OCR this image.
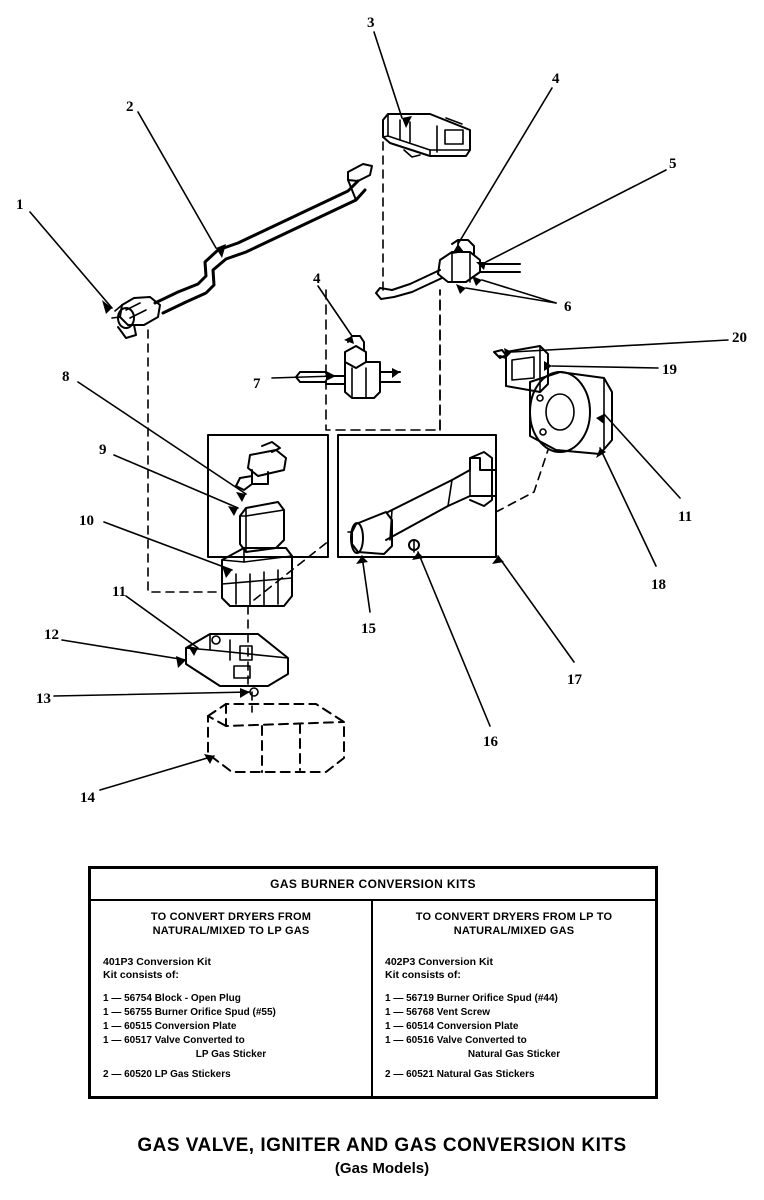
1
2
3
4
5
6
4
7
8
9
10
11
12
13
14
15
16
17
18
11
19
20
GAS BURNER CONVERSION KITS
TO CONVERT DRYERS FROM NATURAL/MIXED TO LP GAS
401P3 Conversion Kit
Kit consists of:
1 — 56754 Block - Open Plug
1 — 56755 Burner Orifice Spud (#55)
1 — 60515 Conversion Plate
1 — 60517 Valve Converted to
LP Gas Sticker
2 — 60520 LP Gas Stickers
TO CONVERT DRYERS FROM LP TO NATURAL/MIXED GAS
402P3 Conversion Kit
Kit consists of:
1 — 56719 Burner Orifice Spud (#44)
1 — 56768 Vent Screw
1 — 60514 Conversion Plate
1 — 60516 Valve Converted to
Natural Gas Sticker
2 — 60521 Natural Gas Stickers
GAS VALVE, IGNITER AND GAS CONVERSION KITS
(Gas Models)
